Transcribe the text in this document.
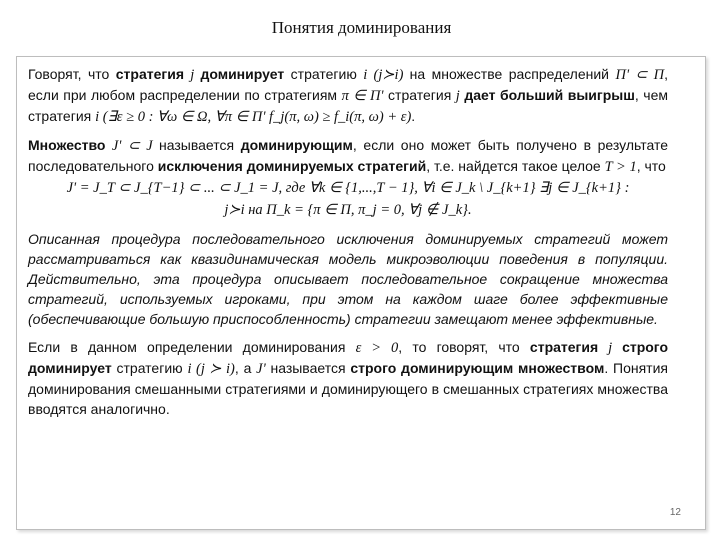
Понятия доминирования

Говорят, что стратегия j доминирует стратегию i (j≻i) на множестве распределений Π' ⊂ Π, если при любом распределении по стратегиям π ∈ Π' стратегия j дает больший выигрыш, чем стратегия i (∃ε ≥ 0 : ∀ω ∈ Ω, ∀π ∈ Π' f_j(π, ω) ≥ f_i(π, ω) + ε).

Множество J' ⊂ J называется доминирующим, если оно может быть получено в результате последовательного исключения доминируемых стратегий, т.е. найдется такое целое T > 1, что

J' = J_T ⊂ J_{T−1} ⊂ ... ⊂ J_1 = J, где ∀k ∈ {1,...,T − 1}, ∀i ∈ J_k \ J_{k+1} ∃j ∈ J_{k+1} :

j≻i на Π_k = {π ∈ Π, π_j = 0, ∀j ∉ J_k}.

Описанная процедура последовательного исключения доминируемых стратегий может рассматриваться как квазидинамическая модель микроэволюции поведения в популяции. Действительно, эта процедура описывает последовательное сокращение множества стратегий, используемых игроками, при этом на каждом шаге более эффективные (обеспечивающие большую приспособленность) стратегии замещают менее эффективные.

Если в данном определении доминирования ε > 0, то говорят, что стратегия j строго доминирует стратегию i (j ≻ i), а J' называется строго доминирующим множеством. Понятия доминирования смешанными стратегиями и доминирующего в смешанных стратегиях множества вводятся аналогично.

12
